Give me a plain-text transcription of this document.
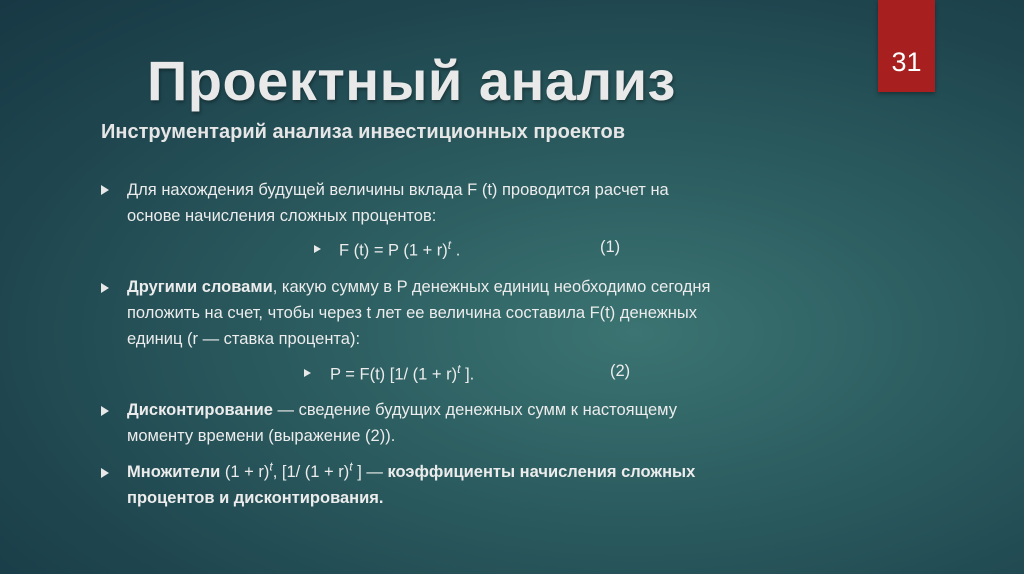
31
Проектный анализ
Инструментарий анализа инвестиционных проектов
Для нахождения будущей величины вклада F (t) проводится расчет на
основе начисления сложных процентов:
F (t) = P $(1 + r)^t$ .	(1)
Другими словами, какую сумму в P денежных единиц необходимо сегодня
положить на счет, чтобы через t лет ее величина составила F(t) денежных
единиц (r — ставка процента):
P = F(t) [1/ $(1 + r)^t$ ].	(2)
Дисконтирование — сведение будущих денежных сумм к настоящему
моменту времени (выражение (2)).
Множители $(1 + r)^t$, [1/ $(1 + r)^t$ ] — коэффициенты начисления сложных
процентов и дисконтирования.
